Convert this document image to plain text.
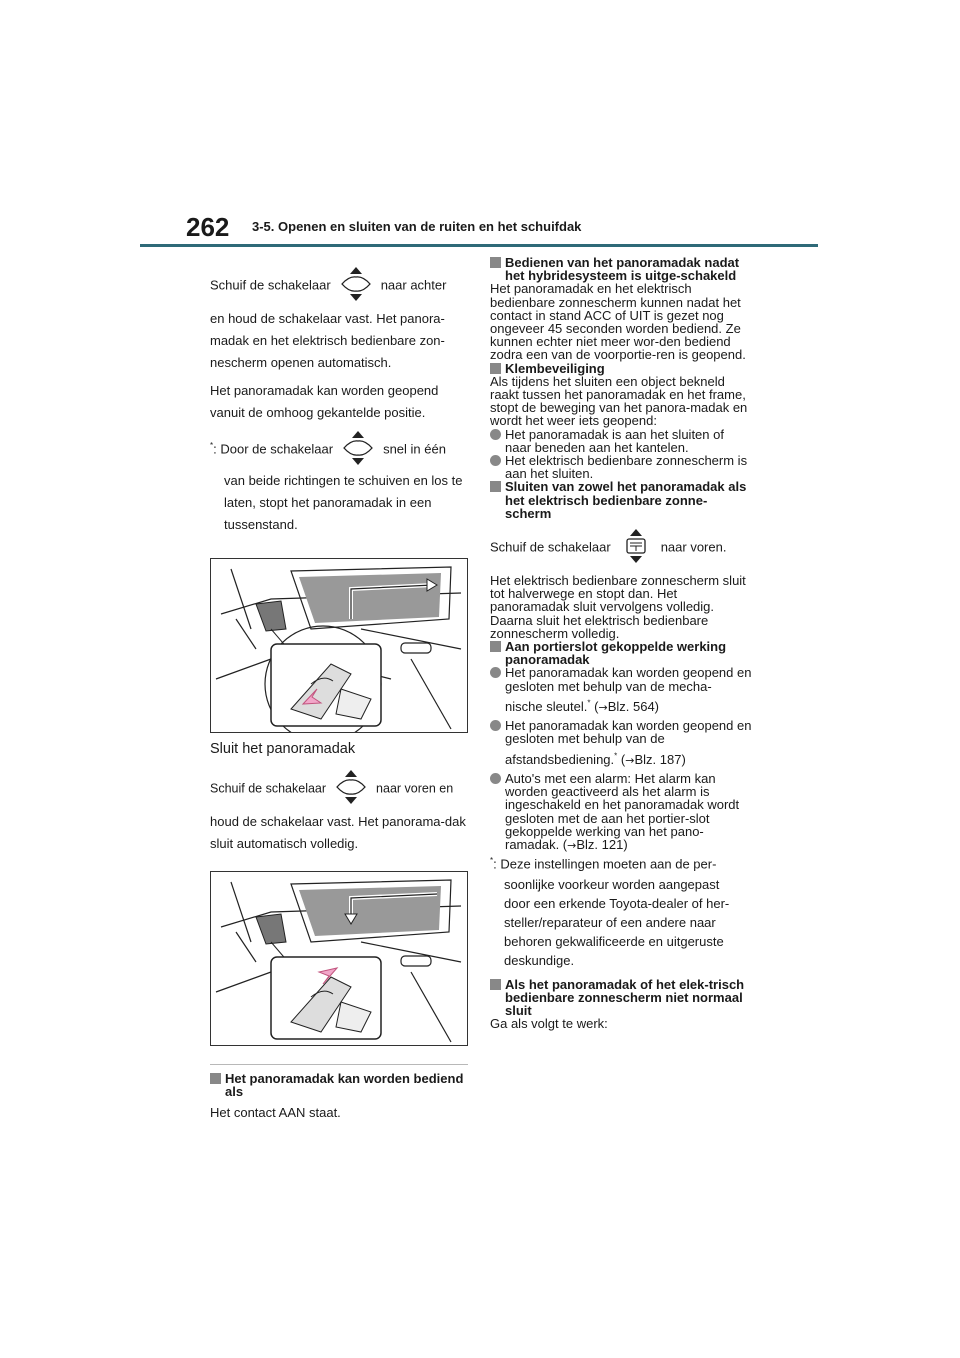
262 3-5. Openen en sluiten van de ruiten en het schuifdak

Schuif de schakelaar	naar achter

en houd de schakelaar vast. Het panora-madak en het elektrisch bedienbare zon-nescherm openen automatisch.

Het panoramadak kan worden geopend vanuit de omhoog gekantelde positie.

*: Door de schakelaar	snel in één

van beide richtingen te schuiven en los te laten, stopt het panoramadak in een tussenstand.

Sluit het panoramadak

Schuif de schakelaar	naar voren en

houd de schakelaar vast. Het panorama-dak sluit automatisch volledig.

Het panoramadak kan worden bediend als

Het contact AAN staat.

Bedienen van het panoramadak nadat het hybridesysteem is uitge-schakeld

Het panoramadak en het elektrisch bedienbare zonnescherm kunnen nadat het contact in stand ACC of UIT is gezet nog ongeveer 45 seconden worden bediend. Ze kunnen echter niet meer wor-den bediend zodra een van de voorportie-ren is geopend.

Klembeveiliging

Als tijdens het sluiten een object bekneld raakt tussen het panoramadak en het frame, stopt de beweging van het panora-madak en wordt het weer iets geopend:

Het panoramadak is aan het sluiten of naar beneden aan het kantelen.
Het elektrisch bedienbare zonnescherm is aan het sluiten.
Sluiten van zowel het panoramadak als het elektrisch bedienbare zonne-scherm

Schuif de schakelaar	naar voren.

Het elektrisch bedienbare zonnescherm sluit tot halverwege en stopt dan. Het panoramadak sluit vervolgens volledig. Daarna sluit het elektrisch bedienbare zonnescherm volledig.

Aan portierslot gekoppelde werking panoramadak
Het panoramadak kan worden geopend en gesloten met behulp van de mecha-
nische sleutel.* (→Blz. 564)
Het panoramadak kan worden geopend en gesloten met behulp van de
afstandsbediening.* (→Blz. 187)
Auto's met een alarm: Het alarm kan worden geactiveerd als het alarm is ingeschakeld en het panoramadak wordt gesloten met de aan het portier-slot gekoppelde werking van het pano-ramadak. (→Blz. 121)

*: Deze instellingen moeten aan de per-

soonlijke voorkeur worden aangepast

door een erkende Toyota-dealer of her-

steller/reparateur of een andere naar

behoren gekwalificeerde en uitgeruste

deskundige.

Als het panoramadak of het elek-trisch bedienbare zonnescherm niet normaal sluit

Ga als volgt te werk:
